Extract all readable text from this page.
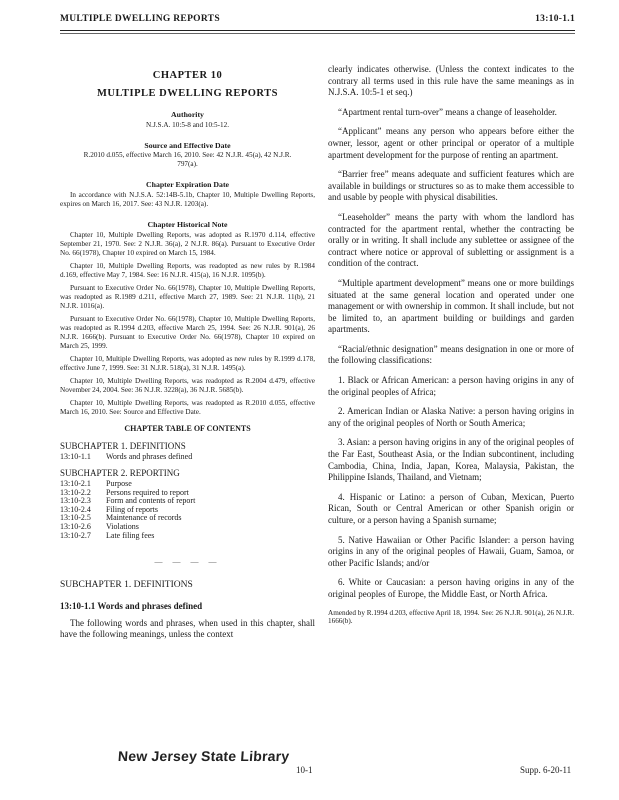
MULTIPLE DWELLING REPORTS	13:10-1.1
CHAPTER 10
MULTIPLE DWELLING REPORTS
Authority
N.J.S.A. 10:5-8 and 10:5-12.
Source and Effective Date
R.2010 d.055, effective March 16, 2010. See: 42 N.J.R. 45(a), 42 N.J.R. 797(a).
Chapter Expiration Date
In accordance with N.J.S.A. 52:14B-5.1b, Chapter 10, Multiple Dwelling Reports, expires on March 16, 2017. See: 43 N.J.R. 1203(a).
Chapter Historical Note

Chapter 10, Multiple Dwelling Reports, was adopted as R.1970 d.114, effective September 21, 1970. See: 2 N.J.R. 36(a), 2 N.J.R. 86(a). Pursuant to Executive Order No. 66(1978), Chapter 10 expired on March 15, 1984.

Chapter 10, Multiple Dwelling Reports, was readopted as new rules by R.1984 d.169, effective May 7, 1984. See: 16 N.J.R. 415(a), 16 N.J.R. 1095(b).

Pursuant to Executive Order No. 66(1978), Chapter 10, Multiple Dwelling Reports, was readopted as R.1989 d.211, effective March 27, 1989. See: 21 N.J.R. 11(b), 21 N.J.R. 1016(a).

Pursuant to Executive Order No. 66(1978), Chapter 10, Multiple Dwelling Reports, was readopted as R.1994 d.203, effective March 25, 1994. See: 26 N.J.R. 901(a), 26 N.J.R. 1666(b). Pursuant to Executive Order No. 66(1978), Chapter 10 expired on March 25, 1999.

Chapter 10, Multiple Dwelling Reports, was adopted as new rules by R.1999 d.178, effective June 7, 1999. See: 31 N.J.R. 518(a), 31 N.J.R. 1495(a).

Chapter 10, Multiple Dwelling Reports, was readopted as R.2004 d.479, effective November 24, 2004. See: 36 N.J.R. 3228(a), 36 N.J.R. 5685(b).

Chapter 10, Multiple Dwelling Reports, was readopted as R.2010 d.055, effective March 16, 2010. See: Source and Effective Date.

CHAPTER TABLE OF CONTENTS
SUBCHAPTER 1. DEFINITIONS
13:10-1.1	Words and phrases defined
SUBCHAPTER 2. REPORTING
13:10-2.1	Purpose
13:10-2.2	Persons required to report
13:10-2.3	Form and contents of report
13:10-2.4	Filing of reports
13:10-2.5	Maintenance of records
13:10-2.6	Violations
13:10-2.7	Late filing fees
— — — —
SUBCHAPTER 1. DEFINITIONS
13:10-1.1 Words and phrases defined

The following words and phrases, when used in this chapter, shall have the following meanings, unless the context

clearly indicates otherwise. (Unless the context indicates to the contrary all terms used in this rule have the same meanings as in N.J.S.A. 10:5-1 et seq.)

“Apartment rental turn-over” means a change of leaseholder.

“Applicant” means any person who appears before either the owner, lessor, agent or other principal or operator of a multiple apartment development for the purpose of renting an apartment.

“Barrier free” means adequate and sufficient features which are available in buildings or structures so as to make them accessible to and usable by people with physical disabilities.

“Leaseholder” means the party with whom the landlord has contracted for the apartment rental, whether the contracting be orally or in writing. It shall include any sublettee or assignee of the contract where notice or approval of subletting or assignment is a condition of the contract.

“Multiple apartment development” means one or more buildings situated at the same general location and operated under one management or with ownership in common. It shall include, but not be limited to, an apartment building or buildings and garden apartments.

“Racial/ethnic designation” means designation in one or more of the following classifications:

1. Black or African American: a person having origins in any of the original peoples of Africa;
2. American Indian or Alaska Native: a person having origins in any of the original peoples of North or South America;
3. Asian: a person having origins in any of the original peoples of the Far East, Southeast Asia, or the Indian subcontinent, including Cambodia, China, India, Japan, Korea, Malaysia, Pakistan, the Philippine Islands, Thailand, and Vietnam;
4. Hispanic or Latino: a person of Cuban, Mexican, Puerto Rican, South or Central American or other Spanish origin or culture, or a person having a Spanish surname;
5. Native Hawaiian or Other Pacific Islander: a person having origins in any of the original peoples of Hawaii, Guam, Samoa, or other Pacific Islands; and/or
6. White or Caucasian: a person having origins in any of the original peoples of Europe, the Middle East, or North Africa.
Amended by R.1994 d.203, effective April 18, 1994. See: 26 N.J.R. 901(a), 26 N.J.R. 1666(b).
New Jersey State Library
10-1	Supp. 6-20-11
